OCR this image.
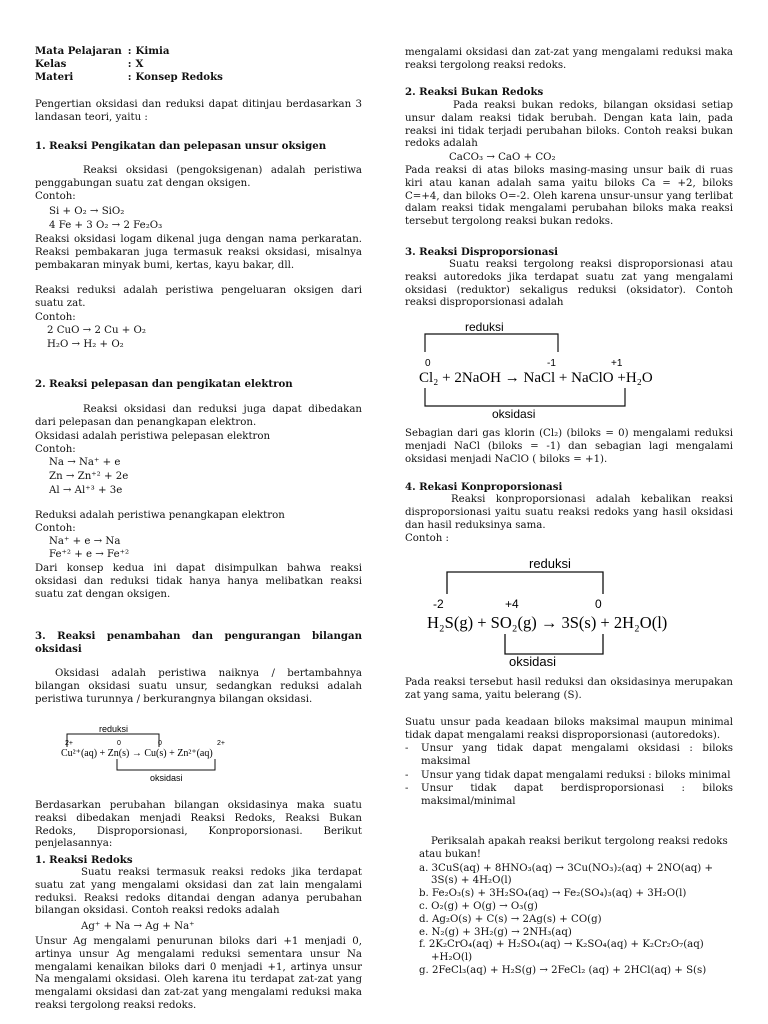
Mata Pelajaran	:	Kimia
Kelas	:	X
Materi	:	Konsep Redoks
Pengertian oksidasi dan reduksi dapat ditinjau berdasarkan 3 landasan teori, yaitu :
1. Reaksi Pengikatan dan pelepasan unsur oksigen
Reaksi oksidasi (pengoksigenan) adalah peristiwa penggabungan suatu zat dengan oksigen.
Contoh:
Si + O₂ → SiO₂
4 Fe + 3 O₂ → 2 Fe₂O₃
Reaksi oksidasi logam dikenal juga dengan nama perkaratan. Reaksi pembakaran juga termasuk reaksi oksidasi, misalnya pembakaran minyak bumi, kertas, kayu bakar, dll.
Reaksi reduksi adalah peristiwa pengeluaran oksigen dari suatu zat.
Contoh:
2 CuO → 2 Cu + O₂
H₂O → H₂ + O₂
2. Reaksi pelepasan dan pengikatan elektron
Reaksi oksidasi dan reduksi juga dapat dibedakan dari pelepasan dan penangkapan elektron.
Oksidasi adalah peristiwa pelepasan elektron
Contoh:
Na → Na⁺ + e
Zn → Zn⁺² + 2e
Al → Al⁺³ + 3e
Reduksi adalah peristiwa penangkapan elektron
Contoh:
Na⁺ + e → Na
Fe⁺² + e → Fe⁺²
Dari konsep kedua ini dapat disimpulkan bahwa reaksi oksidasi dan reduksi tidak hanya hanya melibatkan reaksi suatu zat dengan oksigen.
3. Reaksi penambahan dan pengurangan bilangan oksidasi
Oksidasi adalah peristiwa naiknya / bertambahnya bilangan oksidasi suatu unsur, sedangkan reduksi adalah peristiwa turunnya / berkurangnya bilangan oksidasi.
reduksi
oksidasi
2+	0	0	2+
Cu²⁺(aq) + Zn(s) → Cu(s) + Zn²⁺(aq)
Berdasarkan perubahan bilangan oksidasinya maka suatu reaksi dibedakan menjadi Reaksi Redoks, Reaksi Bukan Redoks, Disproporsionasi, Konproporsionasi. Berikut penjelasannya:
1. Reaksi Redoks
Suatu reaksi termasuk reaksi redoks jika terdapat suatu zat yang mengalami oksidasi dan zat lain mengalami reduksi. Reaksi redoks ditandai dengan adanya perubahan bilangan oksidasi. Contoh reaksi redoks adalah
Ag⁺ + Na → Ag + Na⁺
Unsur Ag mengalami penurunan biloks dari +1 menjadi 0, artinya unsur Ag mengalami reduksi sementara unsur Na mengalami kenaikan biloks dari 0 menjadi +1, artinya unsur Na mengalami oksidasi. Oleh karena itu terdapat zat-zat yang mengalami oksidasi dan zat-zat yang mengalami reduksi maka reaksi tergolong reaksi redoks.
2. Reaksi Bukan Redoks
Pada reaksi bukan redoks, bilangan oksidasi setiap unsur dalam reaksi tidak berubah. Dengan kata lain, pada reaksi ini tidak terjadi perubahan biloks. Contoh reaksi bukan redoks adalah
CaCO₃ → CaO + CO₂
Pada reaksi di atas biloks masing-masing unsur baik di ruas kiri atau kanan adalah sama yaitu biloks Ca = +2, biloks C=+4, dan biloks O=-2. Oleh karena unsur-unsur yang terlibat dalam reaksi tidak mengalami perubahan biloks maka reaksi tersebut tergolong reaksi bukan redoks.
3. Reaksi Disproporsionasi
Suatu reaksi tergolong reaksi disproporsionasi atau reaksi autoredoks jika terdapat suatu zat yang mengalami oksidasi (reduktor) sekaligus reduksi (oksidator). Contoh reaksi disproporsionasi adalah
reduksi
oksidasi
0	-1	+1
Cl₂ + 2NaOH → NaCl + NaClO +H₂O
Sebagian dari gas klorin (Cl₂) (biloks = 0) mengalami reduksi menjadi NaCl (biloks = -1) dan sebagian lagi mengalami oksidasi menjadi NaClO ( biloks = +1).
4. Rekasi Konproporsionasi
Reaksi konproporsionasi adalah kebalikan reaksi disproporsionasi yaitu suatu reaksi redoks yang hasil oksidasi dan hasil reduksinya sama.
Contoh :
reduksi
oksidasi
-2	+4	0
H₂S(g) + SO₂(g) → 3S(s) + 2H₂O(l)
Pada reaksi tersebut hasil reduksi dan oksidasinya merupakan zat yang sama, yaitu belerang (S).
Suatu unsur pada keadaan biloks maksimal maupun minimal tidak dapat mengalami reaksi disproporsionasi (autoredoks).
- Unsur yang tidak dapat mengalami oksidasi : biloks maksimal
- Unsur yang tidak dapat mengalami reduksi : biloks minimal
- Unsur tidak dapat berdisproporsionasi : biloks maksimal/minimal
Periksalah apakah reaksi berikut tergolong reaksi redoks atau bukan!
a. 3CuS(aq) + 8HNO₃(aq) → 3Cu(NO₃)₂(aq) + 2NO(aq) + 3S(s) + 4H₂O(l)
b. Fe₂O₃(s) + 3H₂SO₄(aq) → Fe₂(SO₄)₃(aq) + 3H₂O(l)
c. O₂(g) + O(g) → O₃(g)
d. Ag₂O(s) + C(s) → 2Ag(s) + CO(g)
e. N₂(g) + 3H₂(g) → 2NH₃(aq)
f. 2K₂CrO₄(aq) + H₂SO₄(aq) → K₂SO₄(aq) + K₂Cr₂O₇(aq) +H₂O(l)
g. 2FeCl₃(aq) + H₂S(g) → 2FeCl₂ (aq) + 2HCl(aq) + S(s)
mengalami oksidasi dan zat-zat yang mengalami reduksi maka reaksi tergolong reaksi redoks.
